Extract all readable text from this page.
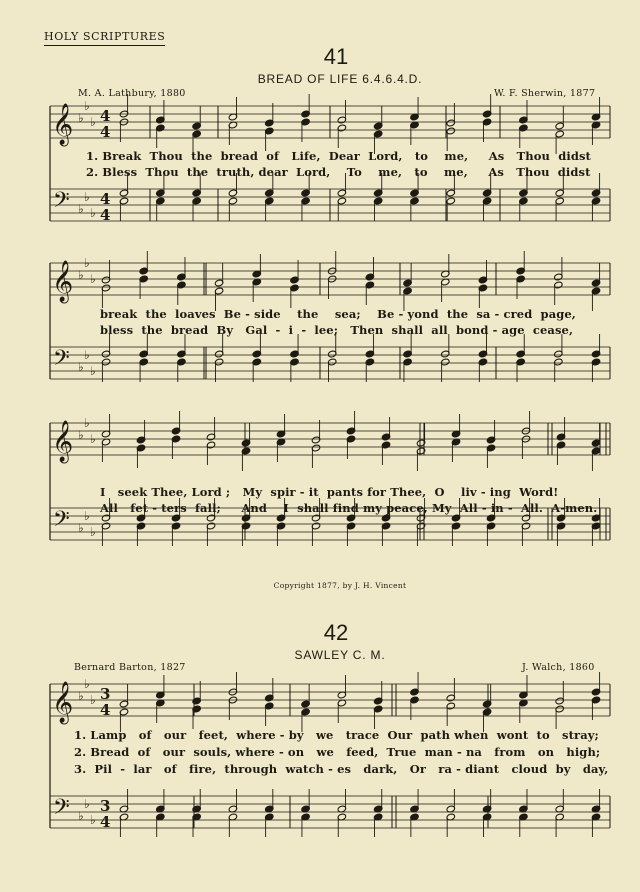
HOLY SCRIPTURES
41
BREAD OF LIFE 6.4.6.4.D.
M. A. Lathbury, 1880	W. F. Sherwin, 1877
1. Break  Thou  the  bread  of   Life,  Dear  Lord,   to    me,     As   Thou  didst
2. Bless  Thou  the  truth, dear  Lord,    To    me,   to    me,     As   Thou  didst
break  the  loaves  Be - side    the    sea;    Be - yond  the  sa - cred  page,
bless  the  bread  By   Gal  -  i  -  lee;   Then  shall  all  bond - age  cease,
I   seek Thee, Lord ;   My  spir - it  pants for Thee,  O    liv - ing  Word!
All   fet - ters  fall;     And    I  shall find my peace, My  All - in -  All.  A-men.
Copyright 1877, by J. H. Vincent
42
SAWLEY C. M.
Bernard Barton, 1827	J. Walch, 1860
1. Lamp   of   our   feet,  where - by   we   trace  Our  path when  wont  to   stray;
2. Bread  of   our  souls, where - on   we   feed,  True  man - na   from   on   high;
3.  Pil  -  lar   of   fire,  through  watch - es   dark,   Or   ra - diant   cloud  by   day,
𝄞
𝄢
♭
♭
♭
♭
♭
♭
4
4
4
4
𝄞
𝄢
♭
♭
♭
♭
♭
♭
𝄞
𝄢
♭
♭
♭
♭
♭
♭
𝄞
𝄢
♭
♭
♭
♭
♭
♭
3
4
3
4
